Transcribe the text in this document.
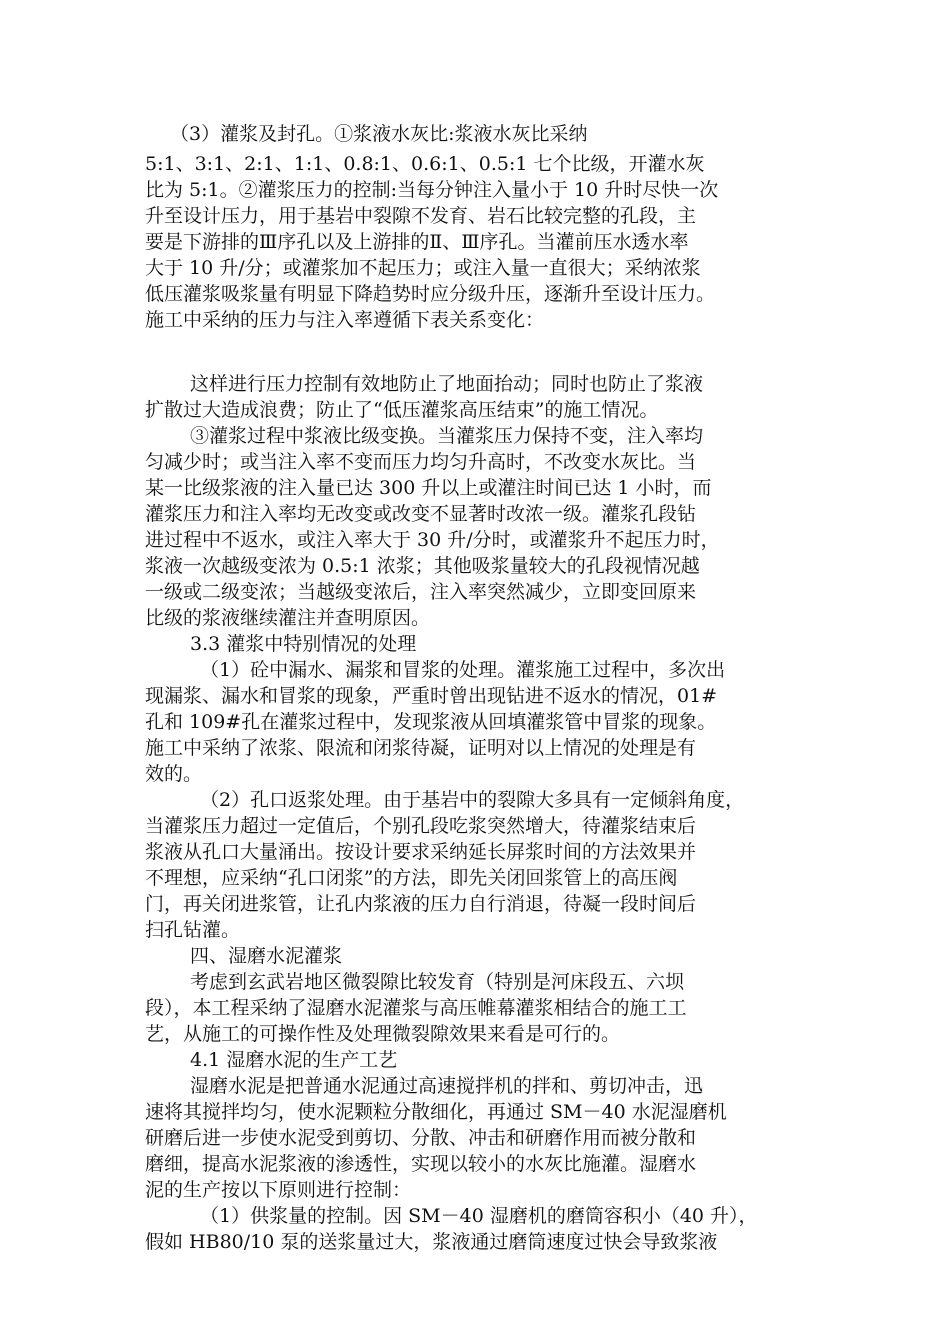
（3）灌浆及封孔。①浆液水灰比:浆液水灰比采纳
5:1、3:1、2:1、1:1、0.8:1、0.6:1、0.5:1 七个比级，开灌水灰
比为 5:1。②灌浆压力的控制:当每分钟注入量小于 10 升时尽快一次
升至设计压力，用于基岩中裂隙不发育、岩石比较完整的孔段，主
要是下游排的Ⅲ序孔以及上游排的Ⅱ、Ⅲ序孔。当灌前压水透水率
大于 10 升/分；或灌浆加不起压力；或注入量一直很大；采纳浓浆
低压灌浆吸浆量有明显下降趋势时应分级升压，逐渐升至设计压力。
施工中采纳的压力与注入率遵循下表关系变化：
这样进行压力控制有效地防止了地面抬动；同时也防止了浆液
扩散过大造成浪费；防止了“低压灌浆高压结束”的施工情况。
③灌浆过程中浆液比级变换。当灌浆压力保持不变，注入率均
匀减少时；或当注入率不变而压力均匀升高时，不改变水灰比。当
某一比级浆液的注入量已达 300 升以上或灌注时间已达 1 小时，而
灌浆压力和注入率均无改变或改变不显著时改浓一级。灌浆孔段钻
进过程中不返水，或注入率大于 30 升/分时，或灌浆升不起压力时，
浆液一次越级变浓为 0.5:1 浓浆；其他吸浆量较大的孔段视情况越
一级或二级变浓；当越级变浓后，注入率突然减少，立即变回原来
比级的浆液继续灌注并查明原因。
3.3 灌浆中特别情况的处理
（1）砼中漏水、漏浆和冒浆的处理。灌浆施工过程中，多次出
现漏浆、漏水和冒浆的现象，严重时曾出现钻进不返水的情况，01#
孔和 109#孔在灌浆过程中，发现浆液从回填灌浆管中冒浆的现象。
施工中采纳了浓浆、限流和闭浆待凝，证明对以上情况的处理是有
效的。
（2）孔口返浆处理。由于基岩中的裂隙大多具有一定倾斜角度，
当灌浆压力超过一定值后，个别孔段吃浆突然增大，待灌浆结束后
浆液从孔口大量涌出。按设计要求采纳延长屏浆时间的方法效果并
不理想，应采纳“孔口闭浆”的方法，即先关闭回浆管上的高压阀
门，再关闭进浆管，让孔内浆液的压力自行消退，待凝一段时间后
扫孔钻灌。
四、湿磨水泥灌浆
考虑到玄武岩地区微裂隙比较发育（特别是河床段五、六坝
段），本工程采纳了湿磨水泥灌浆与高压帷幕灌浆相结合的施工工
艺，从施工的可操作性及处理微裂隙效果来看是可行的。
4.1 湿磨水泥的生产工艺
湿磨水泥是把普通水泥通过高速搅拌机的拌和、剪切冲击，迅
速将其搅拌均匀，使水泥颗粒分散细化，再通过 SM－40 水泥湿磨机
研磨后进一步使水泥受到剪切、分散、冲击和研磨作用而被分散和
磨细，提高水泥浆液的渗透性，实现以较小的水灰比施灌。湿磨水
泥的生产按以下原则进行控制：
（1）供浆量的控制。因 SM－40 湿磨机的磨筒容积小（40 升），
假如 HB80/10 泵的送浆量过大，浆液通过磨筒速度过快会导致浆液
